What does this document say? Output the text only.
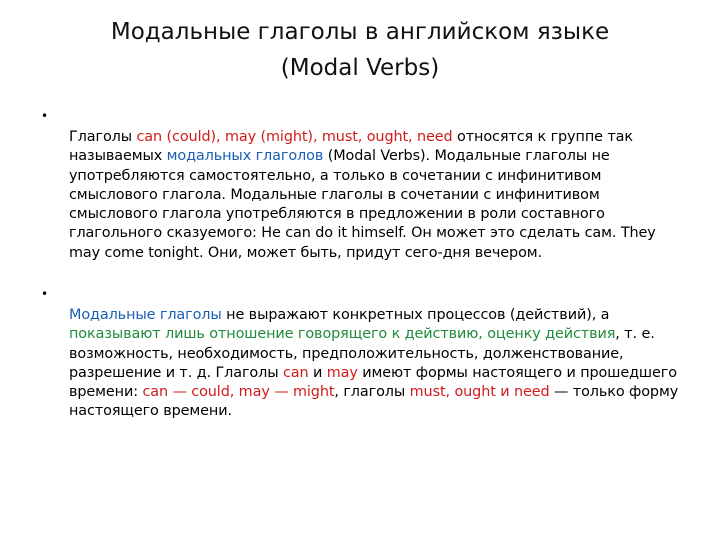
Модальные глаголы в английском языке
(Modal Verbs)
•
Глаголы can (could), may (might), must, ought, need относятся к группе так называемых модальных глаголов (Modal Verbs). Модальные глаголы не употребляются самостоятельно, а только в сочетании с инфинитивом смыслового глагола. Модальные глаголы в сочетании с инфинитивом смыслового глагола употребляются в предложении в роли составного глагольного сказуемого: He can do it himself. Он может это сделать сам. They may come tonight. Они, может быть, придут сего-дня вечером.
•
Модальные глаголы не выражают конкретных процессов (действий), а показывают лишь отношение говорящего к действию, оценку действия, т. е. возможность, необходимость, предположительность, долженствование, разрешение и т. д. Глаголы can и may имеют формы настоящего и прошедшего времени: can — could, may — might, глаголы must, ought и need — только форму настоящего времени.
